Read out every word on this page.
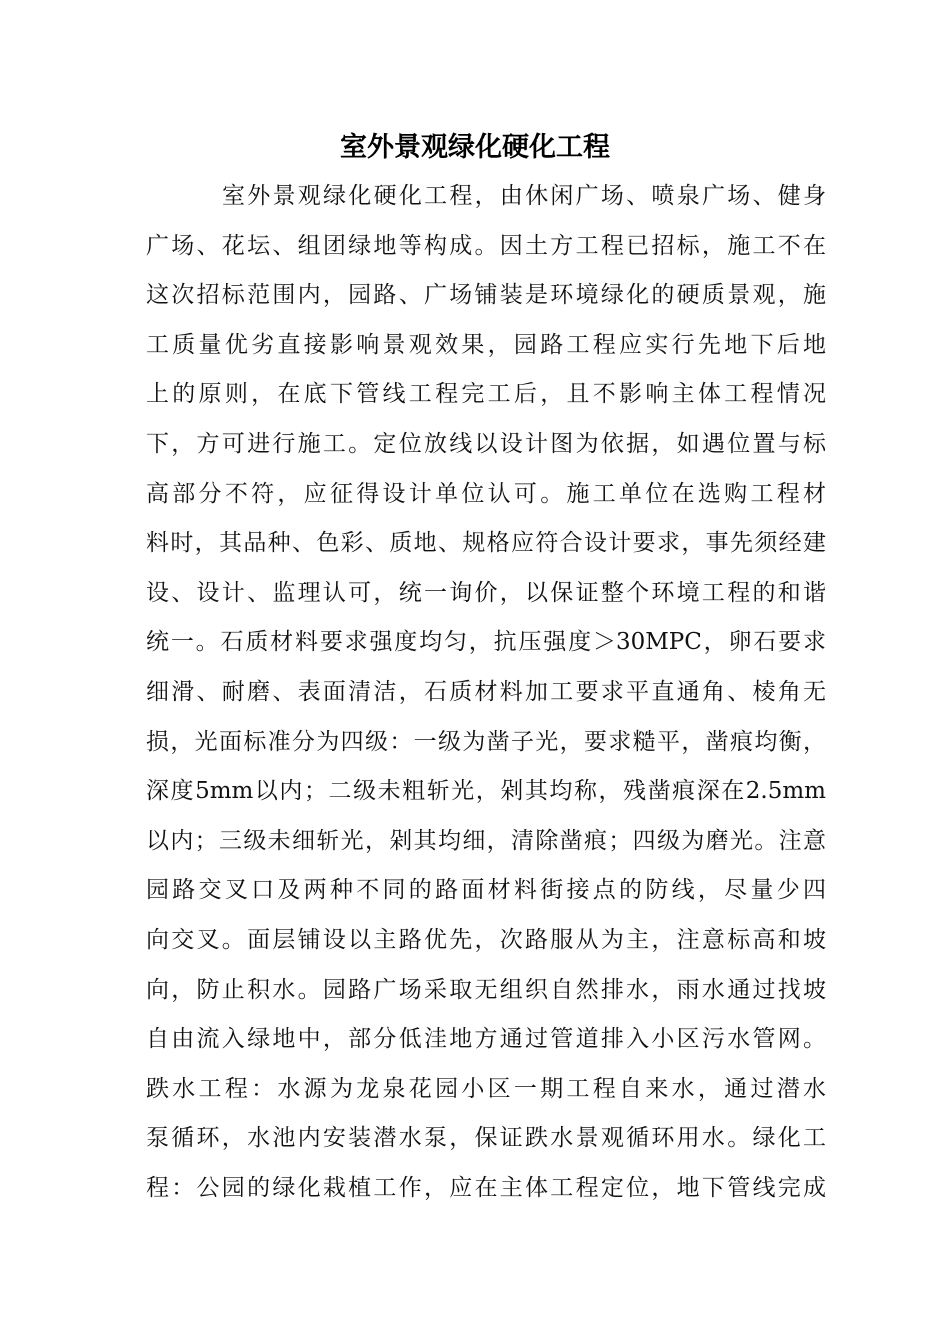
室外景观绿化硬化工程
室外景观绿化硬化工程，由休闲广场、喷泉广场、健身
广场、花坛、组团绿地等构成。因土方工程已招标，施工不在
这次招标范围内，园路、广场铺装是环境绿化的硬质景观，施
工质量优劣直接影响景观效果，园路工程应实行先地下后地
上的原则，在底下管线工程完工后，且不影响主体工程情况
下，方可进行施工。定位放线以设计图为依据，如遇位置与标
高部分不符，应征得设计单位认可。施工单位在选购工程材
料时，其品种、色彩、质地、规格应符合设计要求，事先须经建
设、设计、监理认可，统一询价，以保证整个环境工程的和谐
统一。石质材料要求强度均匀，抗压强度＞30MPC，卵石要求
细滑、耐磨、表面清洁，石质材料加工要求平直通角、棱角无
损，光面标准分为四级：一级为凿子光，要求糙平，凿痕均衡，
深度5mm以内；二级未粗斩光，剁其均称，残凿痕深在2.5mm
以内；三级未细斩光，剁其均细，清除凿痕；四级为磨光。注意
园路交叉口及两种不同的路面材料街接点的防线，尽量少四
向交叉。面层铺设以主路优先，次路服从为主，注意标高和坡
向，防止积水。园路广场采取无组织自然排水，雨水通过找坡
自由流入绿地中，部分低洼地方通过管道排入小区污水管网。
跌水工程：水源为龙泉花园小区一期工程自来水，通过潜水
泵循环，水池内安装潜水泵，保证跌水景观循环用水。绿化工
程：公园的绿化栽植工作，应在主体工程定位，地下管线完成
